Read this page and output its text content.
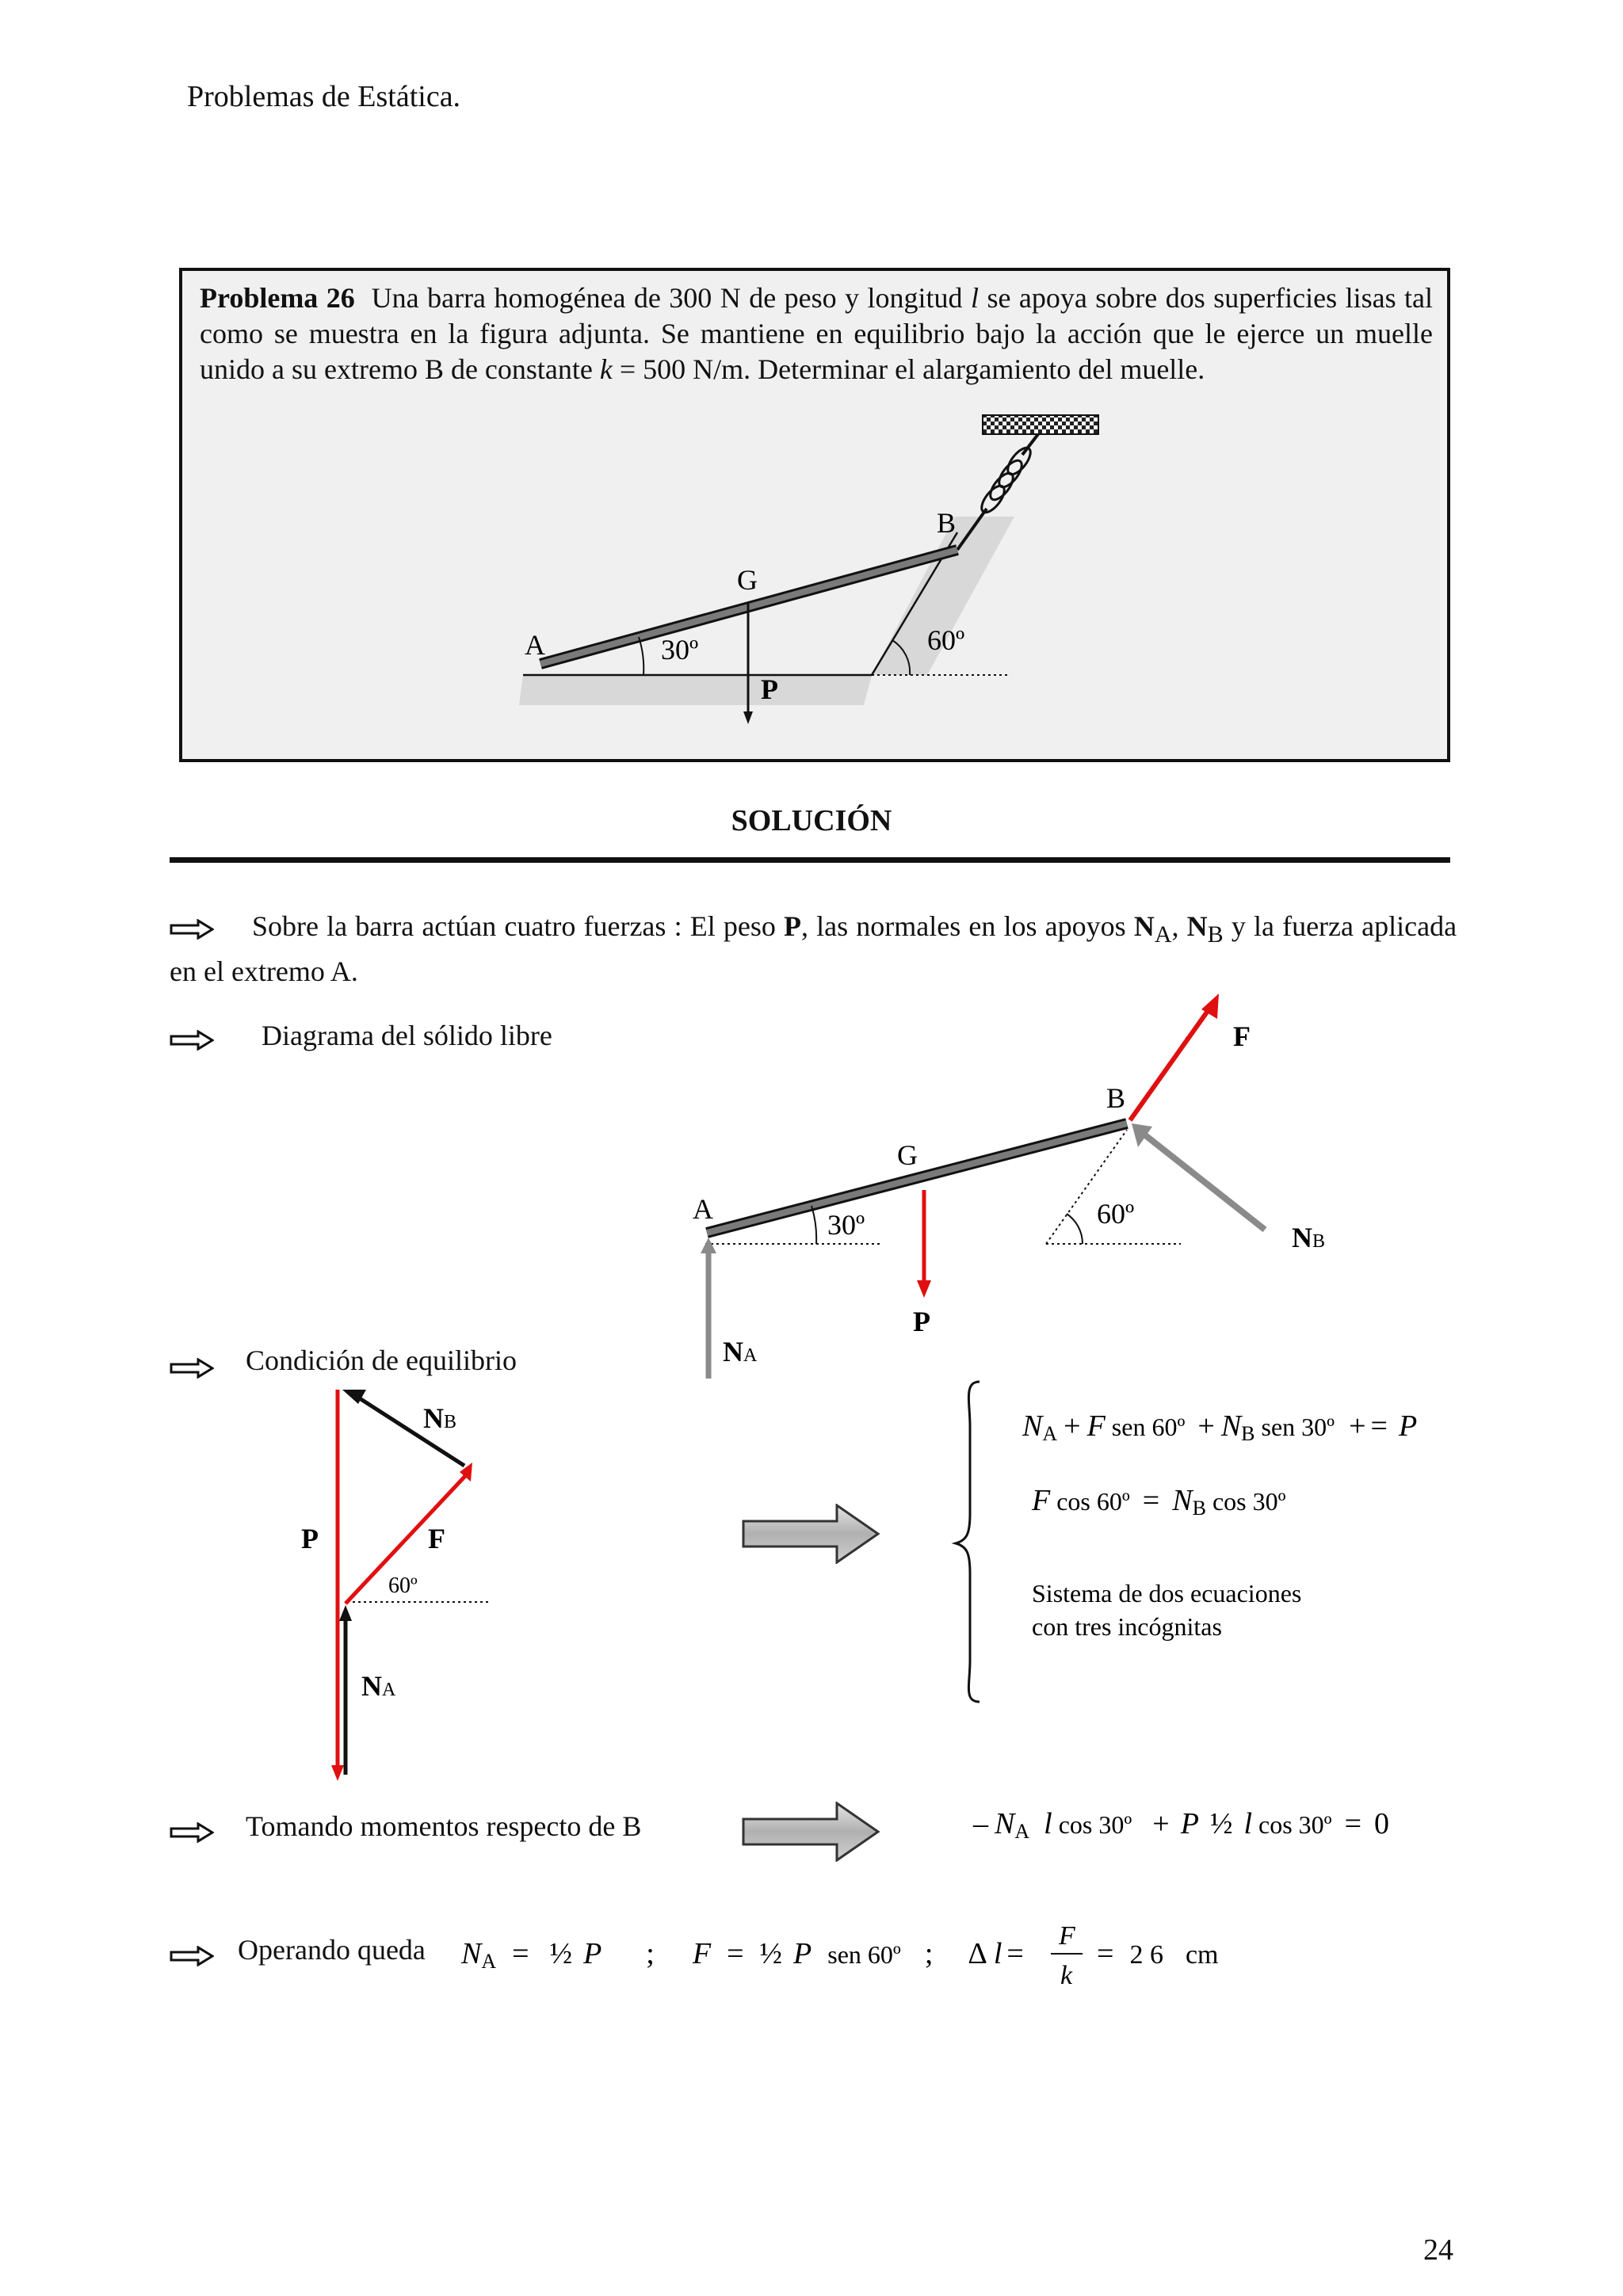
Problemas de Estática.
Problema 26 Una barra homogénea de 300 N de peso y longitud l se apoya sobre dos superficies lisas tal como se muestra en la figura adjunta. Se mantiene en equilibrio bajo la acción que le ejerce un muelle unido a su extremo B de constante k = 500 N/m. Determinar el alargamiento del muelle.
A
G
B
P
30º	60º
SOLUCIÓN
Sobre la barra actúan cuatro fuerzas : El peso P, las normales en los apoyos $N_A$, $N_B$ y la fuerza aplicada en el extremo A.
Diagrama del sólido libre
A
G
B
F
P
30º	60º
NB
NA
Condición de equilibrio
P	F
60º
NB
NA
NA + F sen 60º + NB sen 30º + = P
F cos 60º = NB cos 30º
Sistema de dos ecuaciones
con tres incógnitas
Tomando momentos respecto de B	– NA l cos 30º + P ½ l cos 30º = 0
Operando queda NA = ½ P ; F = ½ P sen 60º ; Δ l =
F
k
= 2 6 cm
24
